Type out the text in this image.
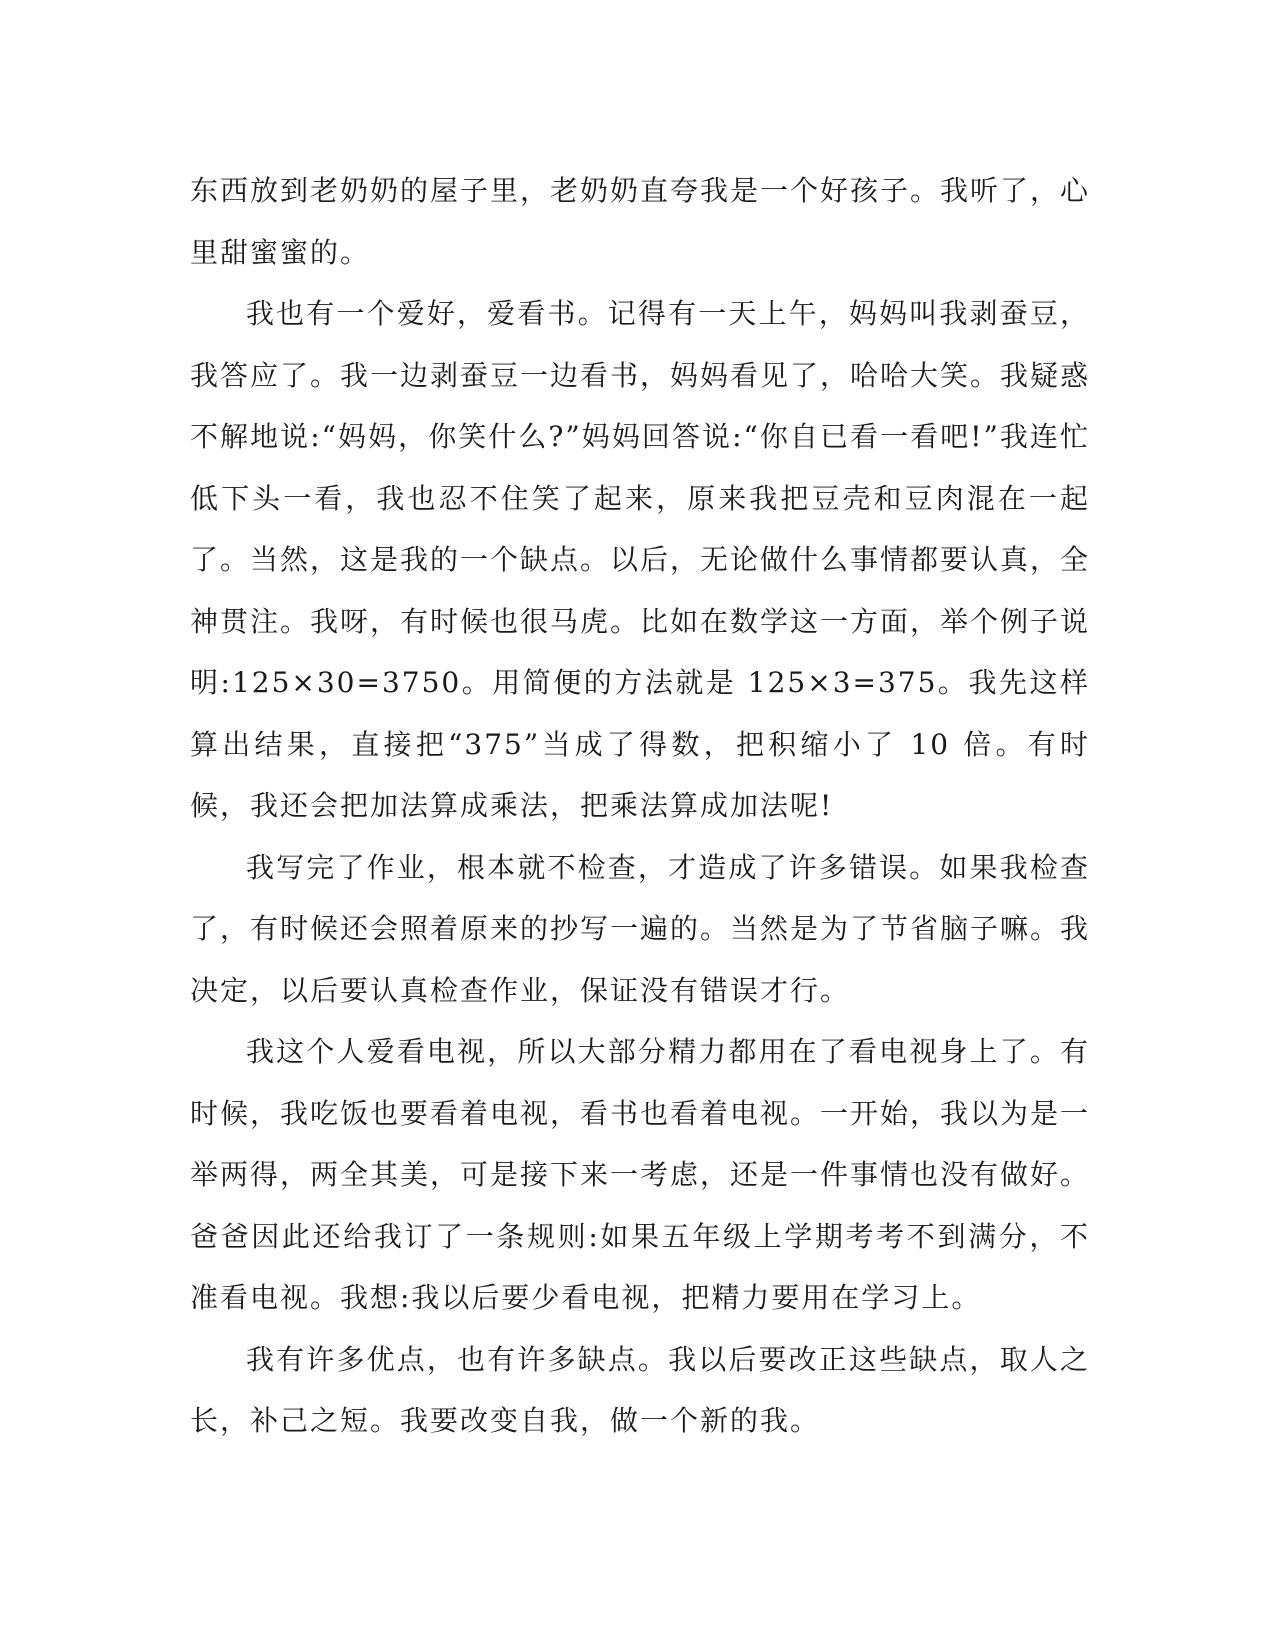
东西放到老奶奶的屋子里，老奶奶直夸我是一个好孩子。我听了，心里甜蜜蜜的。

我也有一个爱好，爱看书。记得有一天上午，妈妈叫我剥蚕豆，我答应了。我一边剥蚕豆一边看书，妈妈看见了，哈哈大笑。我疑惑不解地说:“妈妈，你笑什么?”妈妈回答说:“你自已看一看吧!”我连忙低下头一看，我也忍不住笑了起来，原来我把豆壳和豆肉混在一起了。当然，这是我的一个缺点。以后，无论做什么事情都要认真，全神贯注。我呀，有时候也很马虎。比如在数学这一方面，举个例子说明:125×30=3750。用简便的方法就是 125×3=375。我先这样算出结果，直接把“375”当成了得数，把积缩小了 10 倍。有时候，我还会把加法算成乘法，把乘法算成加法呢!

我写完了作业，根本就不检查，才造成了许多错误。如果我检查了，有时候还会照着原来的抄写一遍的。当然是为了节省脑子嘛。我决定，以后要认真检查作业，保证没有错误才行。

我这个人爱看电视，所以大部分精力都用在了看电视身上了。有时候，我吃饭也要看着电视，看书也看着电视。一开始，我以为是一举两得，两全其美，可是接下来一考虑，还是一件事情也没有做好。爸爸因此还给我订了一条规则:如果五年级上学期考考不到满分，不准看电视。我想:我以后要少看电视，把精力要用在学习上。

我有许多优点，也有许多缺点。我以后要改正这些缺点，取人之长，补己之短。我要改变自我，做一个新的我。
